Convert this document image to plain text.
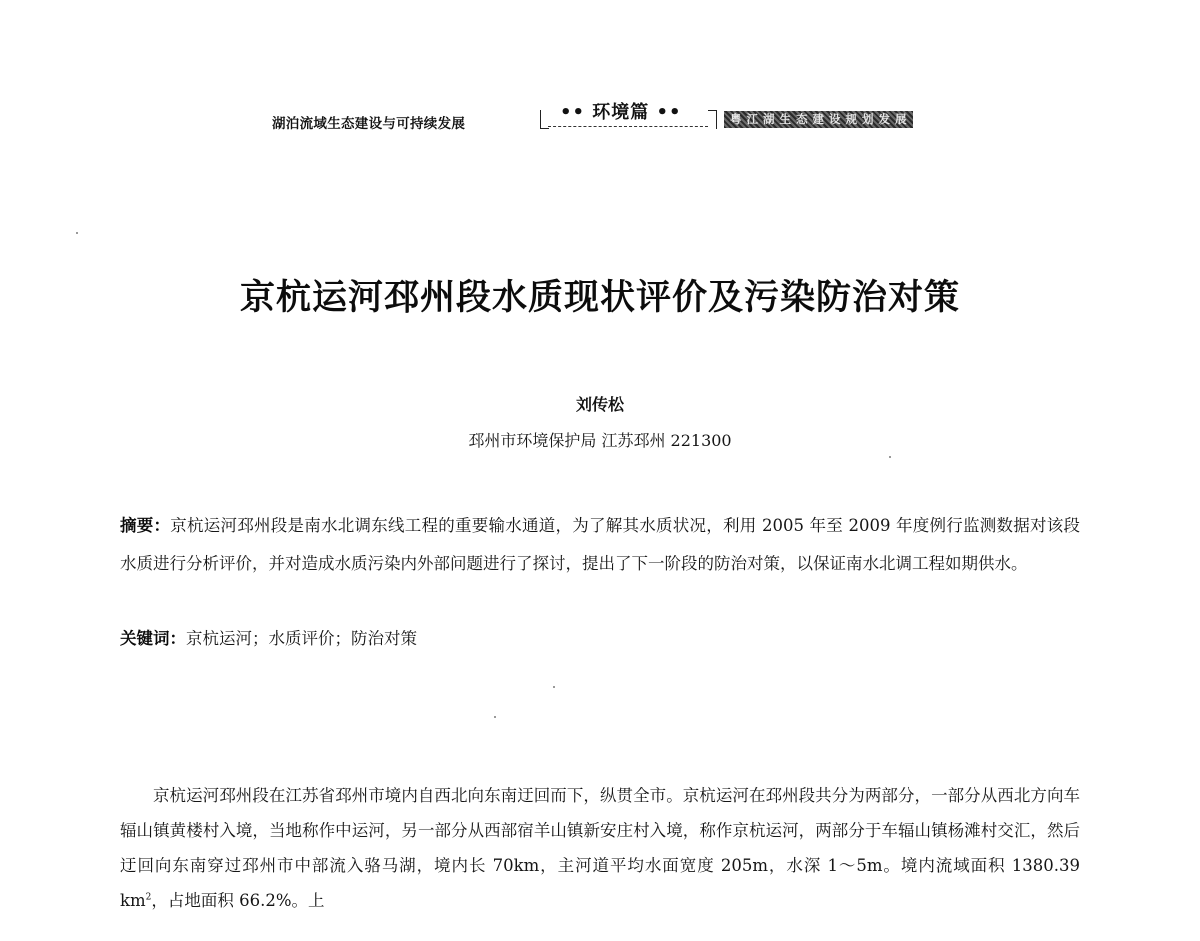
湖泊流域生态建设与可持续发展
•• 环境篇 ••	粤 江 湖 生 态 建 设 规 划 发 展
京杭运河邳州段水质现状评价及污染防治对策
刘传松
邳州市环境保护局 江苏邳州 221300
摘要：京杭运河邳州段是南水北调东线工程的重要输水通道，为了解其水质状况，利用 2005 年至 2009 年度例行监测数据对该段水质进行分析评价，并对造成水质污染内外部问题进行了探讨，提出了下一阶段的防治对策，以保证南水北调工程如期供水。
关键词：京杭运河；水质评价；防治对策

京杭运河邳州段在江苏省邳州市境内自西北向东南迂回而下，纵贯全市。京杭运河在邳州段共分为两部分，一部分从西北方向车辐山镇黄楼村入境，当地称作中运河，另一部分从西部宿羊山镇新安庄村入境，称作京杭运河，两部分于车辐山镇杨滩村交汇，然后迂回向东南穿过邳州市中部流入骆马湖，境内长 70km，主河道平均水面宽度 205m，水深 1～5m。境内流域面积 1380.39 $km^2$，占地面积 66.2%。上
